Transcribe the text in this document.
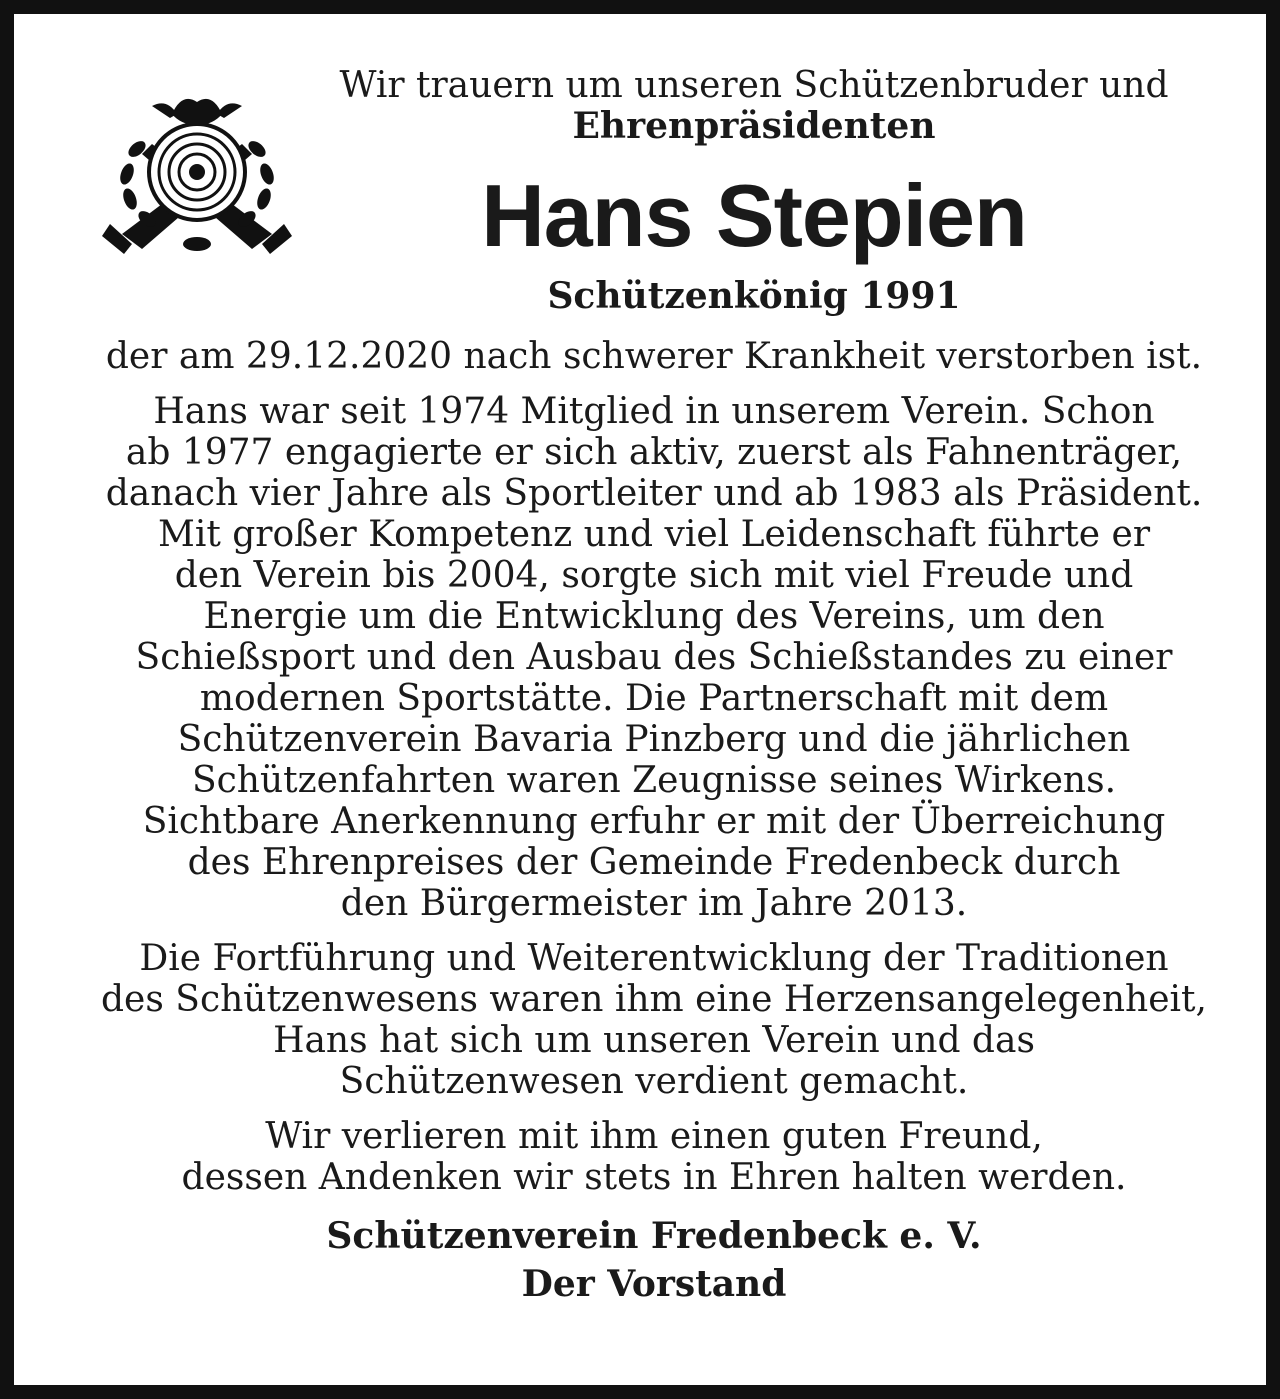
Wir trauern um unseren Schützenbruder und

Ehrenpräsidenten

Hans Stepien

Schützenkönig 1991

der am 29.12.2020 nach schwerer Krankheit verstorben ist.

Hans war seit 1974 Mitglied in unserem Verein. Schon
ab 1977 engagierte er sich aktiv, zuerst als Fahnenträger,
danach vier Jahre als Sportleiter und ab 1983 als Präsident.
Mit großer Kompetenz und viel Leidenschaft führte er
den Verein bis 2004, sorgte sich mit viel Freude und
Energie um die Entwicklung des Vereins, um den
Schießsport und den Ausbau des Schießstandes zu einer
modernen Sportstätte. Die Partnerschaft mit dem
Schützenverein Bavaria Pinzberg und die jährlichen
Schützenfahrten waren Zeugnisse seines Wirkens.
Sichtbare Anerkennung erfuhr er mit der Überreichung
des Ehrenpreises der Gemeinde Fredenbeck durch
den Bürgermeister im Jahre 2013.

Die Fortführung und Weiterentwicklung der Traditionen
des Schützenwesens waren ihm eine Herzensangelegenheit,
Hans hat sich um unseren Verein und das
Schützenwesen verdient gemacht.

Wir verlieren mit ihm einen guten Freund,
dessen Andenken wir stets in Ehren halten werden.

Schützenverein Fredenbeck e. V.

Der Vorstand
